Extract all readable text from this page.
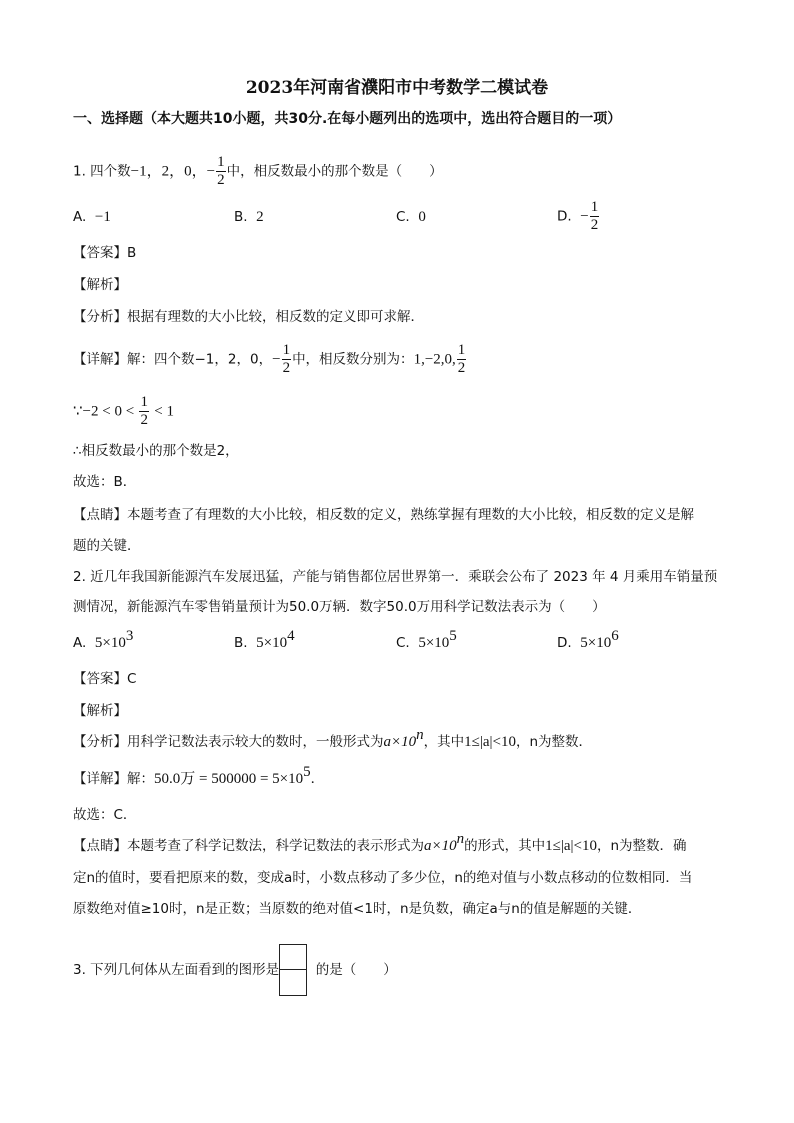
2023年河南省濮阳市中考数学二模试卷
一、选择题（本大题共10小题，共30分.在每小题列出的选项中，选出符合题目的一项）
1. 四个数−1，2，0，− $\frac{1}{2}$ 中，相反数最小的那个数是（　　）
A. −1	B. 2	C. 0	D. − $\frac{1}{2}$
【答案】B
【解析】
【分析】根据有理数的大小比较，相反数的定义即可求解．
【详解】解：四个数−1，2，0，− $\frac{1}{2}$ 中，相反数分别为：1,−2,0, $\frac{1}{2}$
∵−2 < $0 < \frac{1}{2} < 1$
∴相反数最小的那个数是2，
故选：B．
【点睛】本题考查了有理数的大小比较，相反数的定义，熟练掌握有理数的大小比较，相反数的定义是解
题的关键．
2. 近几年我国新能源汽车发展迅猛，产能与销售都位居世界第一．乘联会公布了 2023 年 4 月乘用车销量预
测情况，新能源汽车零售销量预计为50.0万辆．数字50.0万用科学记数法表示为（　　）
A. $5\times 10^3$	B. $5\times 10^4$	C. $5\times 10^5$	D. $5\times 10^6$
【答案】C
【解析】
【分析】用科学记数法表示较大的数时，一般形式为$a\times 10^n$，其中1≤|a|<10，n为整数．
【详解】解：50.0万 = $500000 = 5\times 10^5$．
故选：C．
【点睛】本题考查了科学记数法，科学记数法的表示形式为$a\times 10^n$的形式，其中1≤|a|<10，n为整数．确
定n的值时，要看把原来的数，变成a时，小数点移动了多少位，n的绝对值与小数点移动的位数相同．当
原数绝对值≥10时，n是正数；当原数的绝对值<1时，n是负数，确定a与n的值是解题的关键．
3. 下列几何体从左面看到的图形是	的是（　　）
